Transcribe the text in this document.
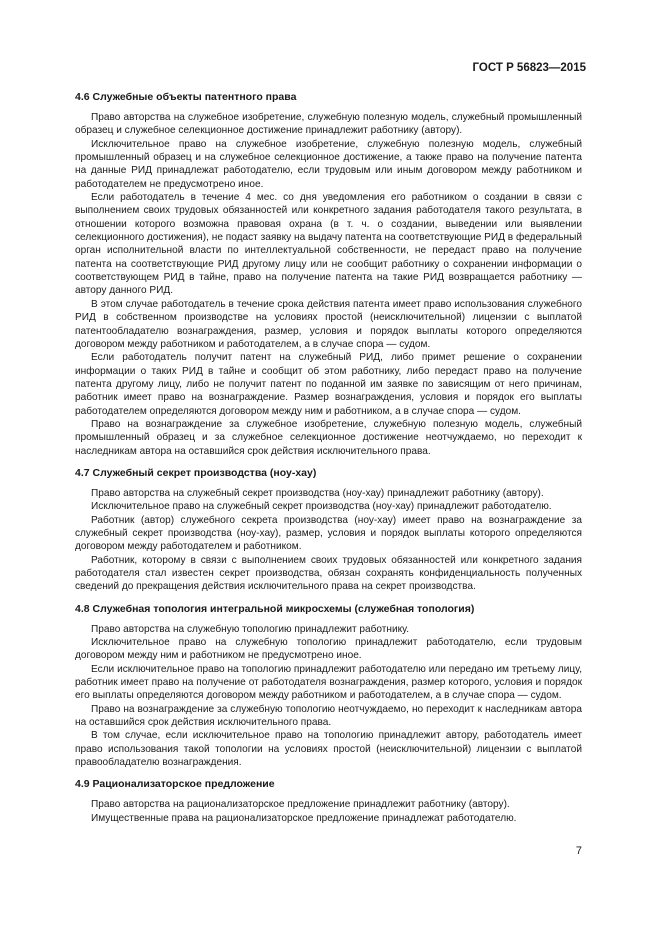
ГОСТ Р 56823—2015
4.6 Служебные объекты патентного права

Право авторства на служебное изобретение, служебную полезную модель, служебный промышленный образец и служебное селекционное достижение принадлежит работнику (автору).

Исключительное право на служебное изобретение, служебную полезную модель, служебный промышленный образец и на служебное селекционное достижение, а также право на получение патента на данные РИД принадлежат работодателю, если трудовым или иным договором между работником и работодателем не предусмотрено иное.

Если работодатель в течение 4 мес. со дня уведомления его работником о создании в связи с выполнением своих трудовых обязанностей или конкретного задания работодателя такого результата, в отношении которого возможна правовая охрана (в т. ч. о создании, выведении или выявлении селекционного достижения), не подаст заявку на выдачу патента на соответствующие РИД в федеральный орган исполнительной власти по интеллектуальной собственности, не передаст право на получение патента на соответствующие РИД другому лицу или не сообщит работнику о сохранении информации о соответствующем РИД в тайне, право на получение патента на такие РИД возвращается работнику — автору данного РИД.

В этом случае работодатель в течение срока действия патента имеет право использования служебного РИД в собственном производстве на условиях простой (неисключительной) лицензии с выплатой патентообладателю вознаграждения, размер, условия и порядок выплаты которого определяются договором между работником и работодателем, а в случае спора — судом.

Если работодатель получит патент на служебный РИД, либо примет решение о сохранении информации о таких РИД в тайне и сообщит об этом работнику, либо передаст право на получение патента другому лицу, либо не получит патент по поданной им заявке по зависящим от него причинам, работник имеет право на вознаграждение. Размер вознаграждения, условия и порядок его выплаты работодателем определяются договором между ним и работником, а в случае спора — судом.

Право на вознаграждение за служебное изобретение, служебную полезную модель, служебный промышленный образец и за служебное селекционное достижение неотчуждаемо, но переходит к наследникам автора на оставшийся срок действия исключительного права.

4.7 Служебный секрет производства (ноу-хау)

Право авторства на служебный секрет производства (ноу-хау) принадлежит работнику (автору).

Исключительное право на служебный секрет производства (ноу-хау) принадлежит работодателю.

Работник (автор) служебного секрета производства (ноу-хау) имеет право на вознаграждение за служебный секрет производства (ноу-хау), размер, условия и порядок выплаты которого определяются договором между работодателем и работником.

Работник, которому в связи с выполнением своих трудовых обязанностей или конкретного задания работодателя стал известен секрет производства, обязан сохранять конфиденциальность полученных сведений до прекращения действия исключительного права на секрет производства.

4.8 Служебная топология интегральной микросхемы (служебная топология)

Право авторства на служебную топологию принадлежит работнику.

Исключительное право на служебную топологию принадлежит работодателю, если трудовым договором между ним и работником не предусмотрено иное.

Если исключительное право на топологию принадлежит работодателю или передано им третьему лицу, работник имеет право на получение от работодателя вознаграждения, размер которого, условия и порядок его выплаты определяются договором между работником и работодателем, а в случае спора — судом.

Право на вознаграждение за служебную топологию неотчуждаемо, но переходит к наследникам автора на оставшийся срок действия исключительного права.

В том случае, если исключительное право на топологию принадлежит автору, работодатель имеет право использования такой топологии на условиях простой (неисключительной) лицензии с выплатой правообладателю вознаграждения.

4.9 Рационализаторское предложение

Право авторства на рационализаторское предложение принадлежит работнику (автору).

Имущественные права на рационализаторское предложение принадлежат работодателю.

7
